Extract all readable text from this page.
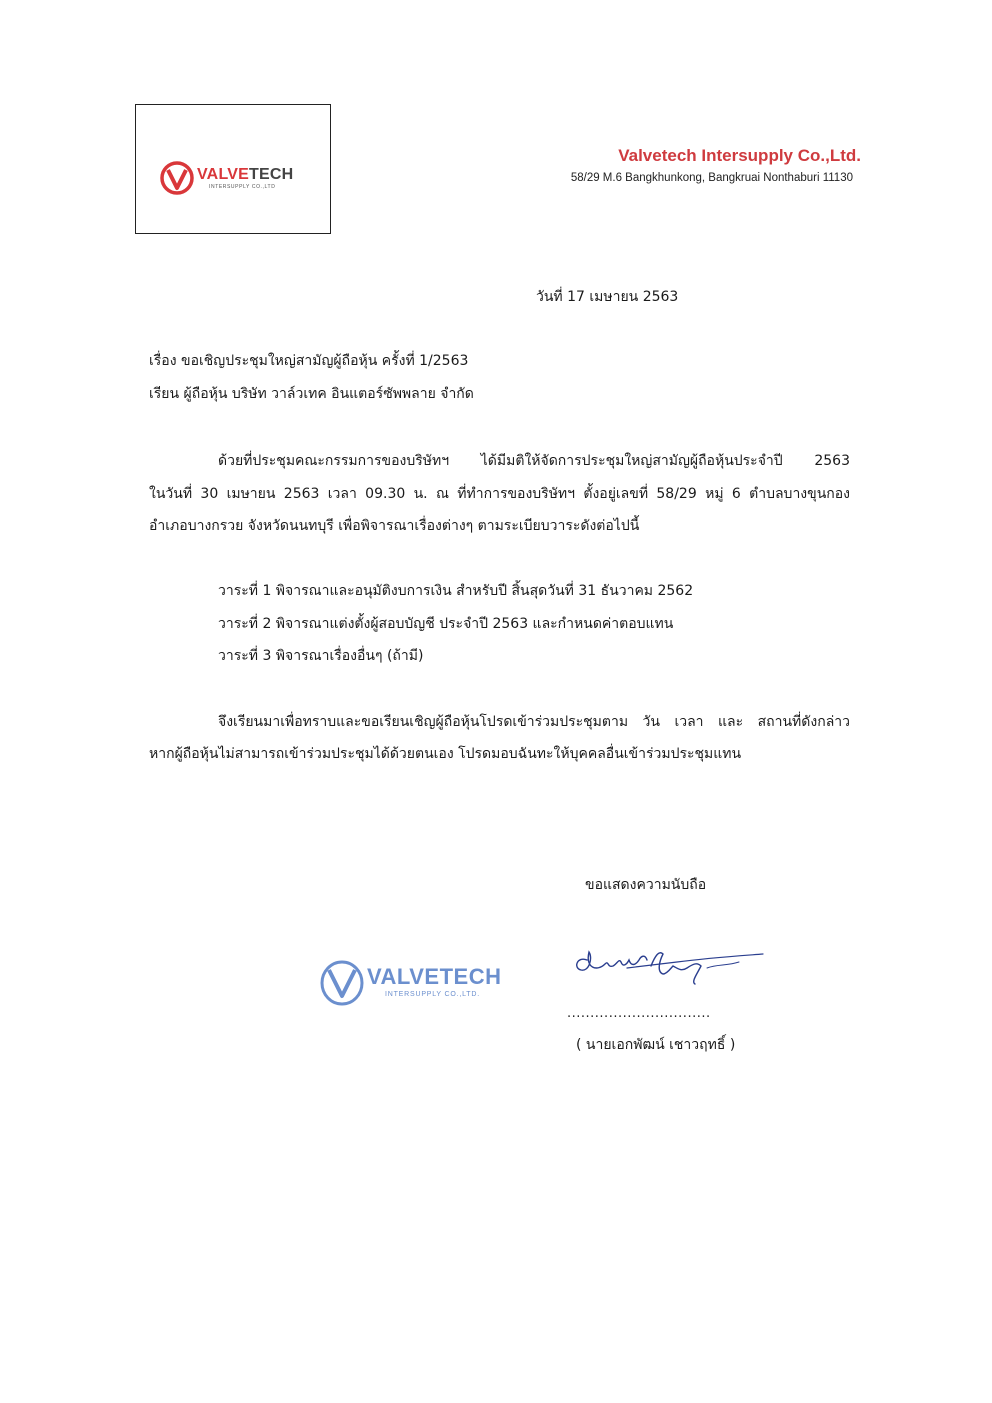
VALVETECH
INTERSUPPLY CO.,LTD
Valvetech Intersupply Co.,Ltd.
58/29 M.6 Bangkhunkong, Bangkruai Nonthaburi 11130
วันที่ 17 เมษายน 2563
เรื่อง ขอเชิญประชุมใหญ่สามัญผู้ถือหุ้น ครั้งที่ 1/2563
เรียน ผู้ถือหุ้น บริษัท วาล์วเทค อินแตอร์ซัพพลาย จำกัด
ด้วยที่ประชุมคณะกรรมการของบริษัทฯ ได้มีมติให้จัดการประชุมใหญ่สามัญผู้ถือหุ้นประจำปี 2563
ในวันที่ 30 เมษายน 2563 เวลา 09.30 น. ณ ที่ทำการของบริษัทฯ ตั้งอยู่เลขที่ 58/29 หมู่ 6 ตำบลบางขุนกอง
อำเภอบางกรวย จังหวัดนนทบุรี เพื่อพิจารณาเรื่องต่างๆ ตามระเบียบวาระดังต่อไปนี้
วาระที่ 1 พิจารณาและอนุมัติงบการเงิน สำหรับปี สิ้นสุดวันที่ 31 ธันวาคม 2562
วาระที่ 2 พิจารณาแต่งตั้งผู้สอบบัญชี ประจำปี 2563 และกำหนดค่าตอบแทน
วาระที่ 3 พิจารณาเรื่องอื่นๆ (ถ้ามี)
จึงเรียนมาเพื่อทราบและขอเรียนเชิญผู้ถือหุ้นโปรดเข้าร่วมประชุมตาม วัน เวลา และ สถานที่ดังกล่าว
หากผู้ถือหุ้นไม่สามารถเข้าร่วมประชุมได้ด้วยตนเอง โปรดมอบฉันทะให้บุคคลอื่นเข้าร่วมประชุมแทน
ขอแสดงความนับถือ
VALVETECH
INTERSUPPLY CO.,LTD.
...............................
( นายเอกพัฒน์ เชาวฤทธิ์ )
